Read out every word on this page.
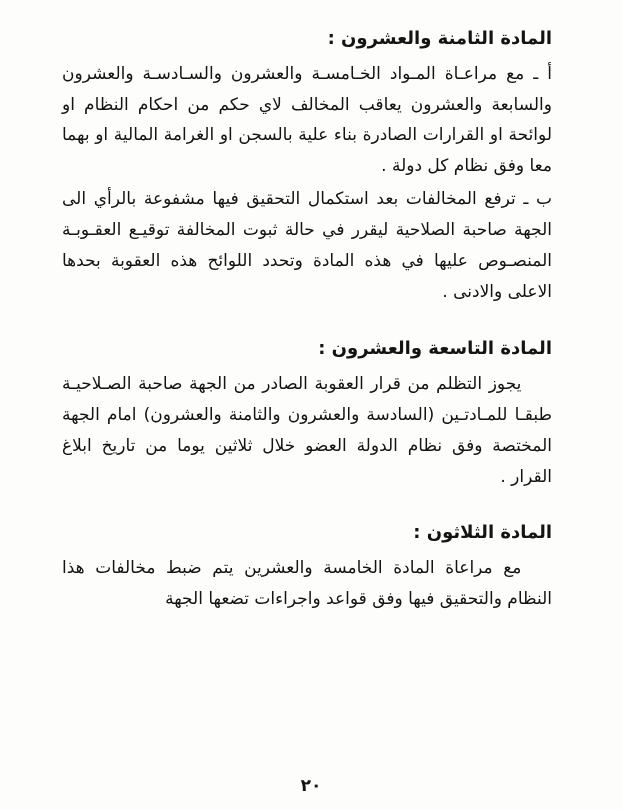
المادة الثامنة والعشرون :

أ ـ مع مراعـاة المـواد الخـامسـة والعشرون والسـادسـة والعشرون والسابعة والعشرون يعاقب المخالف لاي حكم من احكام النظام او لوائحة او القرارات الصادرة بناء علية بالسجن او الغرامة المالية او بهما معا وفق نظام كل دولة .

ب ـ ترفع المخالفات بعد استكمال التحقيق فيها مشفوعة بالرأي الى الجهة صاحبة الصلاحية ليقرر في حالة ثبوت المخالفة توقيـع العقـوبـة المنصـوص عليها في هذه المادة وتحدد اللوائح هذه العقوبة بحدها الاعلى والادنى .

المادة التاسعة والعشرون :

يجوز التظلم من قرار العقوبة الصادر من الجهة صاحبة الصـلاحيـة طبقـا للمـادتـين (السادسة والعشرون والثامنة والعشرون) امام الجهة المختصة وفق نظام الدولة العضو خلال ثلاثين يوما من تاريخ ابلاغ القرار .

المادة الثلاثون :

مع مراعاة المادة الخامسة والعشرين يتم ضبط مخالفات هذا النظام والتحقيق فيها وفق قواعد واجراءات تضعها الجهة

٢٠
